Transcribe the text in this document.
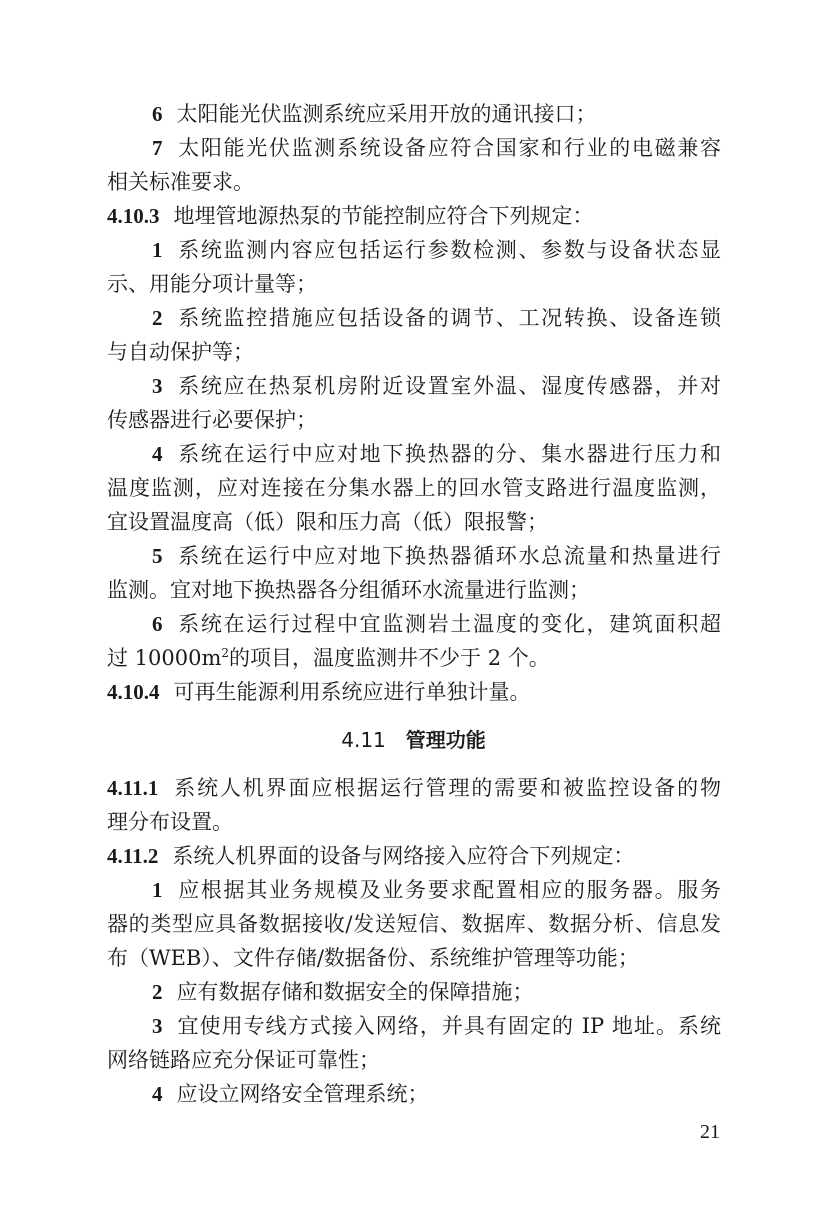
6 太阳能光伏监测系统应采用开放的通讯接口；
7 太阳能光伏监测系统设备应符合国家和行业的电磁兼容
相关标准要求。
4.10.3 地埋管地源热泵的节能控制应符合下列规定：
1 系统监测内容应包括运行参数检测、参数与设备状态显
示、用能分项计量等；
2 系统监控措施应包括设备的调节、工况转换、设备连锁
与自动保护等；
3 系统应在热泵机房附近设置室外温、湿度传感器，并对
传感器进行必要保护；
4 系统在运行中应对地下换热器的分、集水器进行压力和
温度监测，应对连接在分集水器上的回水管支路进行温度监测，
宜设置温度高（低）限和压力高（低）限报警；
5 系统在运行中应对地下换热器循环水总流量和热量进行
监测。宜对地下换热器各分组循环水流量进行监测；
6 系统在运行过程中宜监测岩土温度的变化，建筑面积超
过 $10000m^2$的项目，温度监测井不少于 2 个。
4.10.4 可再生能源利用系统应进行单独计量。
4.11 管理功能
4.11.1 系统人机界面应根据运行管理的需要和被监控设备的物
理分布设置。
4.11.2 系统人机界面的设备与网络接入应符合下列规定：
1 应根据其业务规模及业务要求配置相应的服务器。服务
器的类型应具备数据接收/发送短信、数据库、数据分析、信息发
布（WEB）、文件存储/数据备份、系统维护管理等功能；
2 应有数据存储和数据安全的保障措施；
3 宜使用专线方式接入网络，并具有固定的 IP 地址。系统
网络链路应充分保证可靠性；
4 应设立网络安全管理系统；
21
